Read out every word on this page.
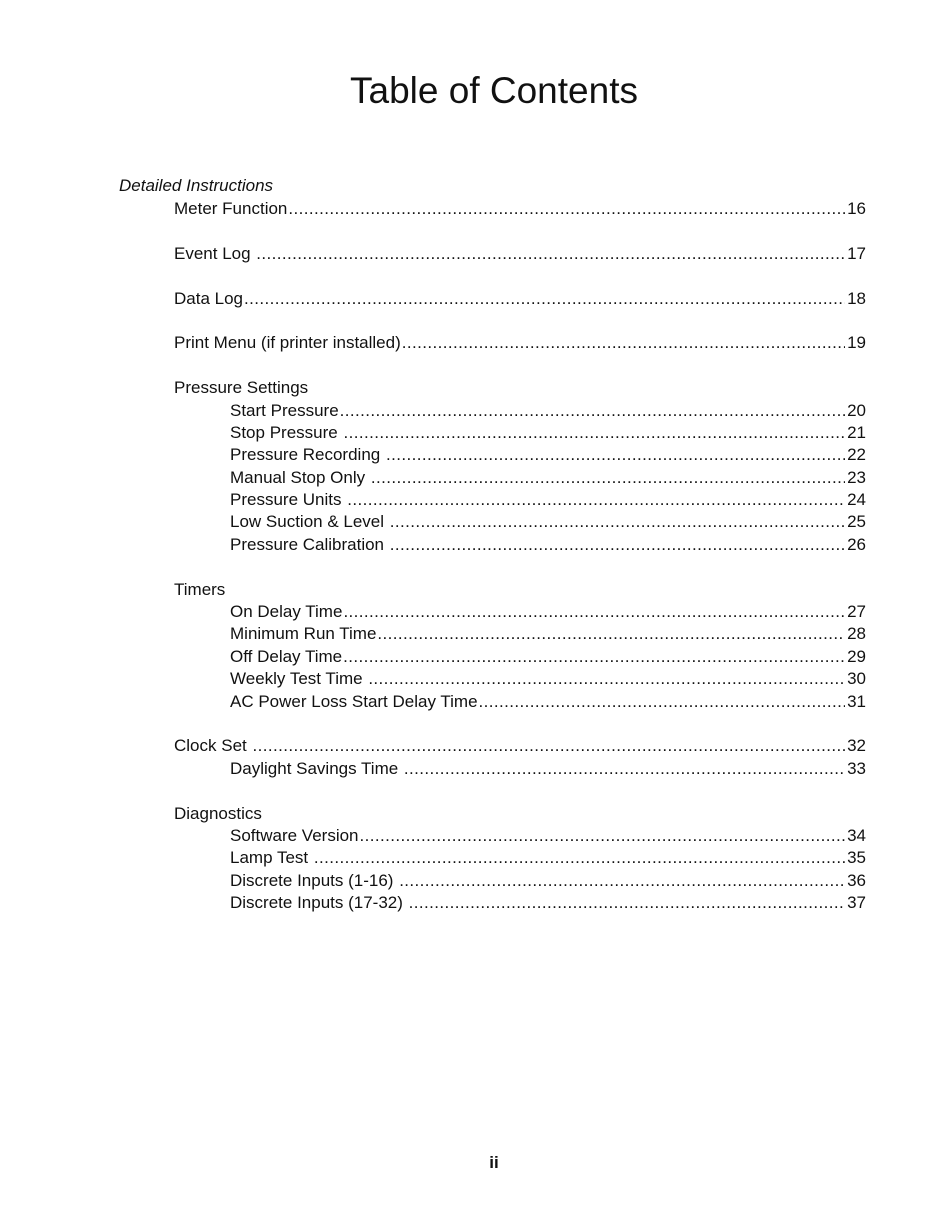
Table of Contents
Detailed Instructions
Meter Function .....	16
Event Log .....	17
Data Log .....	18
Print Menu (if printer installed) .....	19
Pressure Settings
Start Pressure .....	20
Stop Pressure .....	21
Pressure Recording .....	22
Manual Stop Only .....	23
Pressure Units .....	24
Low Suction & Level .....	25
Pressure Calibration .....	26
Timers
On Delay Time .....	27
Minimum Run Time .....	28
Off Delay Time .....	29
Weekly Test Time .....	30
AC Power Loss Start Delay Time .....	31
Clock Set .....	32
Daylight Savings Time .....	33
Diagnostics
Software Version .....	34
Lamp Test .....	35
Discrete Inputs (1-16) .....	36
Discrete Inputs (17-32) .....	37
ii
